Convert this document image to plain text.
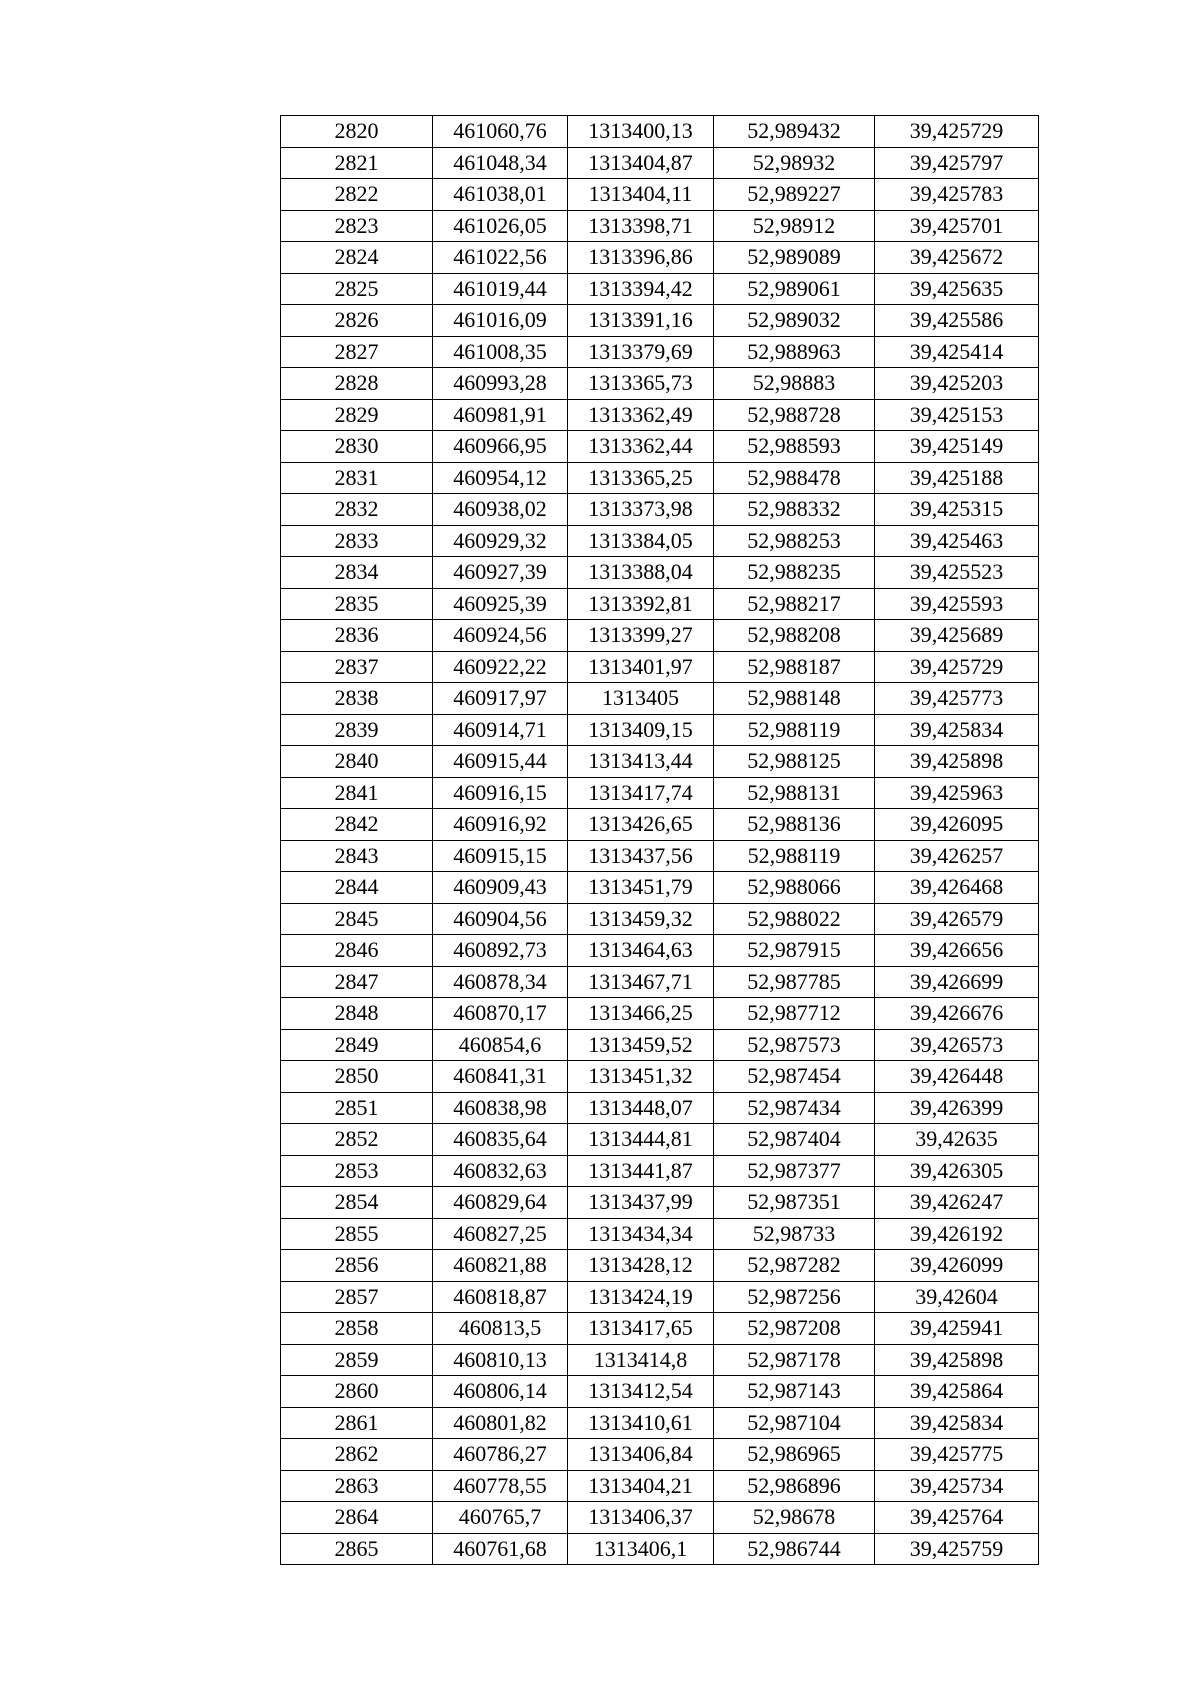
2820	461060,76	1313400,13	52,989432	39,425729
2821	461048,34	1313404,87	52,98932	39,425797
2822	461038,01	1313404,11	52,989227	39,425783
2823	461026,05	1313398,71	52,98912	39,425701
2824	461022,56	1313396,86	52,989089	39,425672
2825	461019,44	1313394,42	52,989061	39,425635
2826	461016,09	1313391,16	52,989032	39,425586
2827	461008,35	1313379,69	52,988963	39,425414
2828	460993,28	1313365,73	52,98883	39,425203
2829	460981,91	1313362,49	52,988728	39,425153
2830	460966,95	1313362,44	52,988593	39,425149
2831	460954,12	1313365,25	52,988478	39,425188
2832	460938,02	1313373,98	52,988332	39,425315
2833	460929,32	1313384,05	52,988253	39,425463
2834	460927,39	1313388,04	52,988235	39,425523
2835	460925,39	1313392,81	52,988217	39,425593
2836	460924,56	1313399,27	52,988208	39,425689
2837	460922,22	1313401,97	52,988187	39,425729
2838	460917,97	1313405	52,988148	39,425773
2839	460914,71	1313409,15	52,988119	39,425834
2840	460915,44	1313413,44	52,988125	39,425898
2841	460916,15	1313417,74	52,988131	39,425963
2842	460916,92	1313426,65	52,988136	39,426095
2843	460915,15	1313437,56	52,988119	39,426257
2844	460909,43	1313451,79	52,988066	39,426468
2845	460904,56	1313459,32	52,988022	39,426579
2846	460892,73	1313464,63	52,987915	39,426656
2847	460878,34	1313467,71	52,987785	39,426699
2848	460870,17	1313466,25	52,987712	39,426676
2849	460854,6	1313459,52	52,987573	39,426573
2850	460841,31	1313451,32	52,987454	39,426448
2851	460838,98	1313448,07	52,987434	39,426399
2852	460835,64	1313444,81	52,987404	39,42635
2853	460832,63	1313441,87	52,987377	39,426305
2854	460829,64	1313437,99	52,987351	39,426247
2855	460827,25	1313434,34	52,98733	39,426192
2856	460821,88	1313428,12	52,987282	39,426099
2857	460818,87	1313424,19	52,987256	39,42604
2858	460813,5	1313417,65	52,987208	39,425941
2859	460810,13	1313414,8	52,987178	39,425898
2860	460806,14	1313412,54	52,987143	39,425864
2861	460801,82	1313410,61	52,987104	39,425834
2862	460786,27	1313406,84	52,986965	39,425775
2863	460778,55	1313404,21	52,986896	39,425734
2864	460765,7	1313406,37	52,98678	39,425764
2865	460761,68	1313406,1	52,986744	39,425759
